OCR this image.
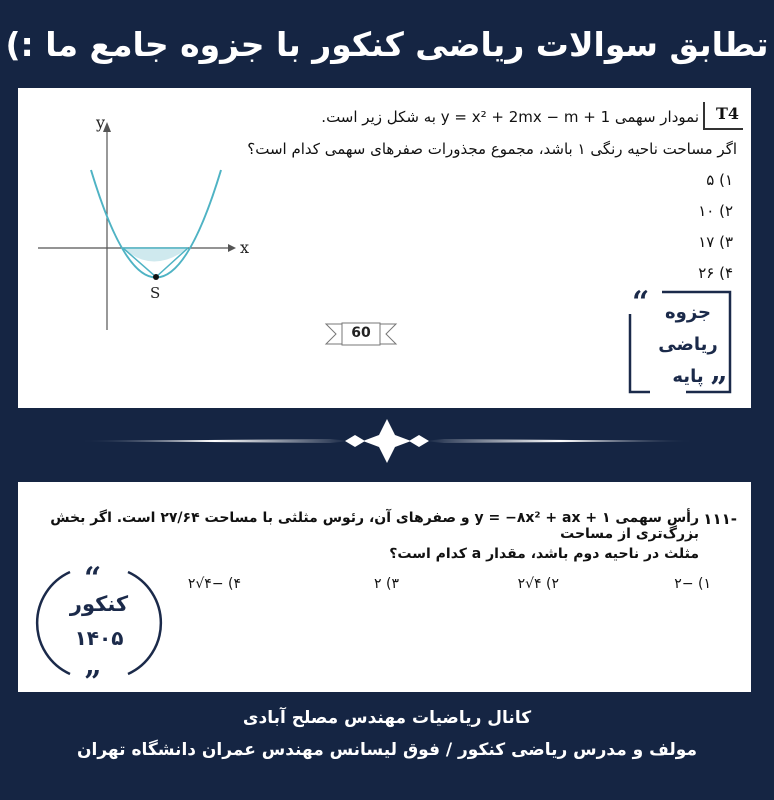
تطابق سوالات ریاضی کنکور با جزوه جامع ما :)
y
x
S
T4
نمودار سهمی y = x² + 2mx − m + 1 به شکل زیر است.
اگر مساحت ناحیه رنگی ۱ باشد، مجموع مجذورات صفرهای سهمی کدام است؟
۱) ۵
۲) ۱۰
۳) ۱۷
۴) ۲۶
60
“
”
جزوه
ریاضی
پایه
-۱۱۱
رأس سهمی y = −۸x² + ax + ۱ و صفرهای آن، رئوس مثلثی با مساحت ۲۷/۶۴ است. اگر بخش بزرگ‌تری از مساحت
مثلث در ناحیه دوم باشد، مقدار a کدام است؟
۱) −۲
۲) ۴√۲
۳) ۲
۴) −۴√۲
“
”
کنکور
۱۴۰۵
کانال ریاضیات مهندس مصلح آبادی
مولف و مدرس ریاضی کنکور / فوق لیسانس مهندس عمران دانشگاه تهران
